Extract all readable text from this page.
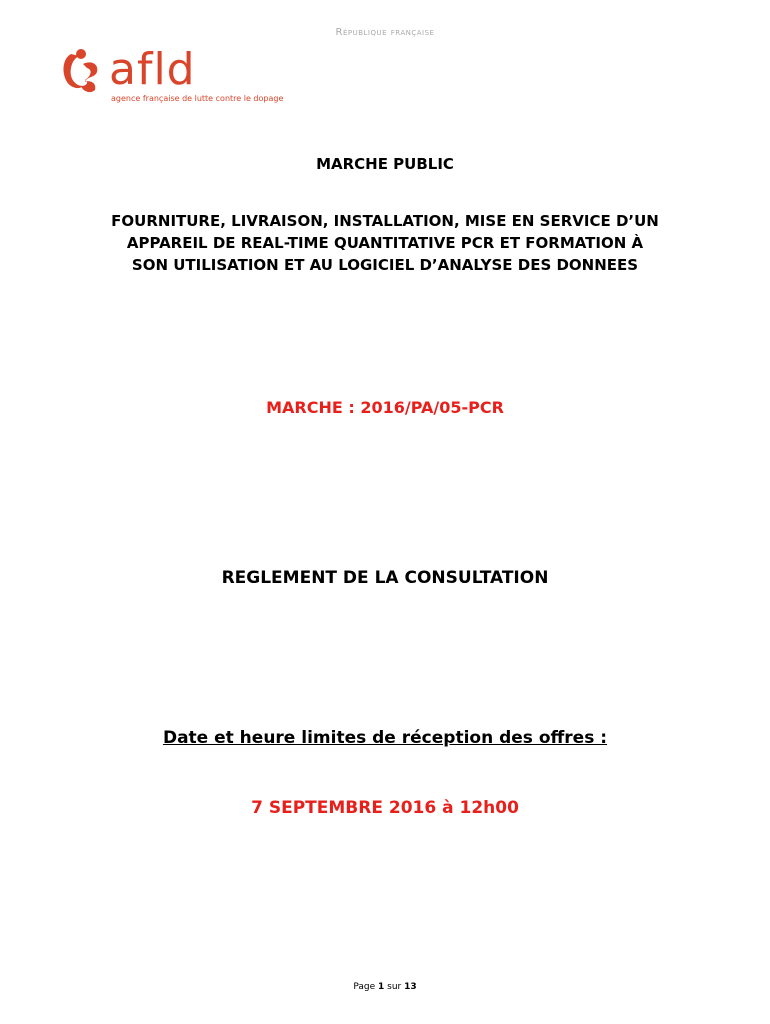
République française
afld
agence française de lutte contre le dopage
MARCHE PUBLIC
FOURNITURE, LIVRAISON, INSTALLATION, MISE EN SERVICE D’UN
APPAREIL DE REAL-TIME QUANTITATIVE PCR ET FORMATION À
SON UTILISATION ET AU LOGICIEL D’ANALYSE DES DONNEES
MARCHE : 2016/PA/05-PCR
REGLEMENT DE LA CONSULTATION
Date et heure limites de réception des offres :
7 SEPTEMBRE 2016 à 12h00
Page 1 sur 13
